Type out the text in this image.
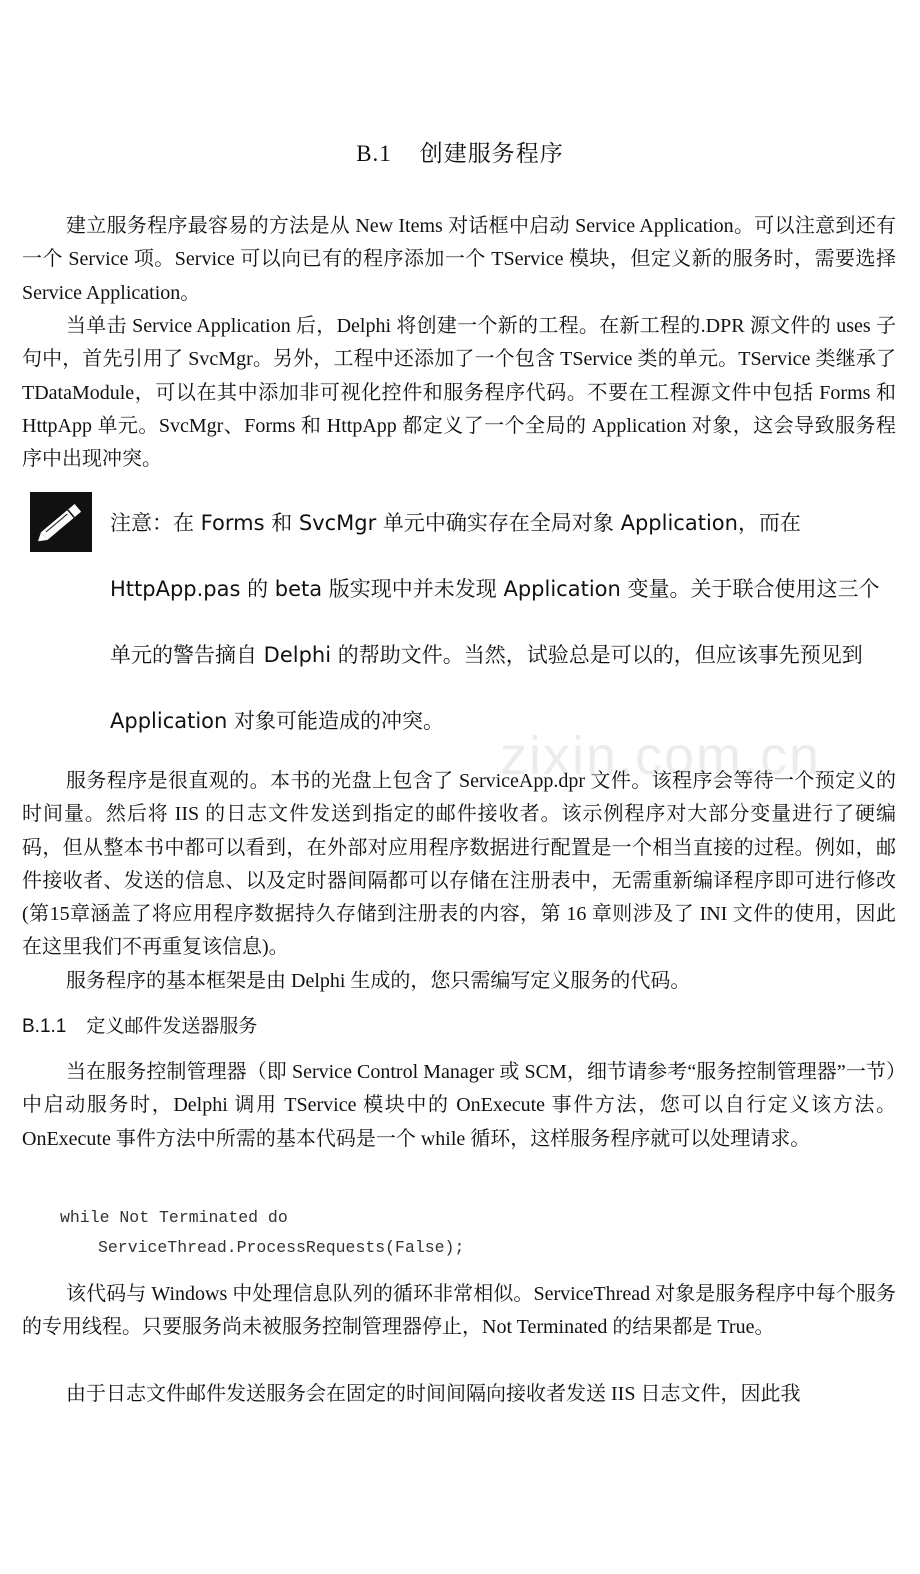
B.1 创建服务程序

建立服务程序最容易的方法是从 New Items 对话框中启动 Service Application。可以注意到还有一个 Service 项。Service 可以向已有的程序添加一个 TService 模块，但定义新的服务时，需要选择 Service Application。

当单击 Service Application 后，Delphi 将创建一个新的工程。在新工程的.DPR 源文件的 uses 子句中，首先引用了 SvcMgr。另外，工程中还添加了一个包含 TService 类的单元。TService 类继承了 TDataModule，可以在其中添加非可视化控件和服务程序代码。不要在工程源文件中包括 Forms 和 HttpApp 单元。SvcMgr、Forms 和 HttpApp 都定义了一个全局的 Application 对象，这会导致服务程序中出现冲突。

注意：在 Forms 和 SvcMgr 单元中确实存在全局对象 Application，而在 HttpApp.pas 的 beta 版实现中并未发现 Application 变量。关于联合使用这三个单元的警告摘自 Delphi 的帮助文件。当然，试验总是可以的，但应该事先预见到 Application 对象可能造成的冲突。

zixin.com.cn

服务程序是很直观的。本书的光盘上包含了 ServiceApp.dpr 文件。该程序会等待一个预定义的时间量。然后将 IIS 的日志文件发送到指定的邮件接收者。该示例程序对大部分变量进行了硬编码，但从整本书中都可以看到，在外部对应用程序数据进行配置是一个相当直接的过程。例如，邮件接收者、发送的信息、以及定时器间隔都可以存储在注册表中，无需重新编译程序即可进行修改(第15章涵盖了将应用程序数据持久存储到注册表的内容，第 16 章则涉及了 INI 文件的使用，因此在这里我们不再重复该信息)。

服务程序的基本框架是由 Delphi 生成的，您只需编写定义服务的代码。

B.1.1 定义邮件发送器服务

当在服务控制管理器（即 Service Control Manager 或 SCM，细节请参考“服务控制管理器”一节）中启动服务时，Delphi 调用 TService 模块中的 OnExecute 事件方法，您可以自行定义该方法。OnExecute 事件方法中所需的基本代码是一个 while 循环，这样服务程序就可以处理请求。

while Not Terminated do
ServiceThread.ProcessRequests(False);

该代码与 Windows 中处理信息队列的循环非常相似。ServiceThread 对象是服务程序中每个服务的专用线程。只要服务尚未被服务控制管理器停止，Not Terminated 的结果都是 True。

由于日志文件邮件发送服务会在固定的时间间隔向接收者发送 IIS 日志文件，因此我
